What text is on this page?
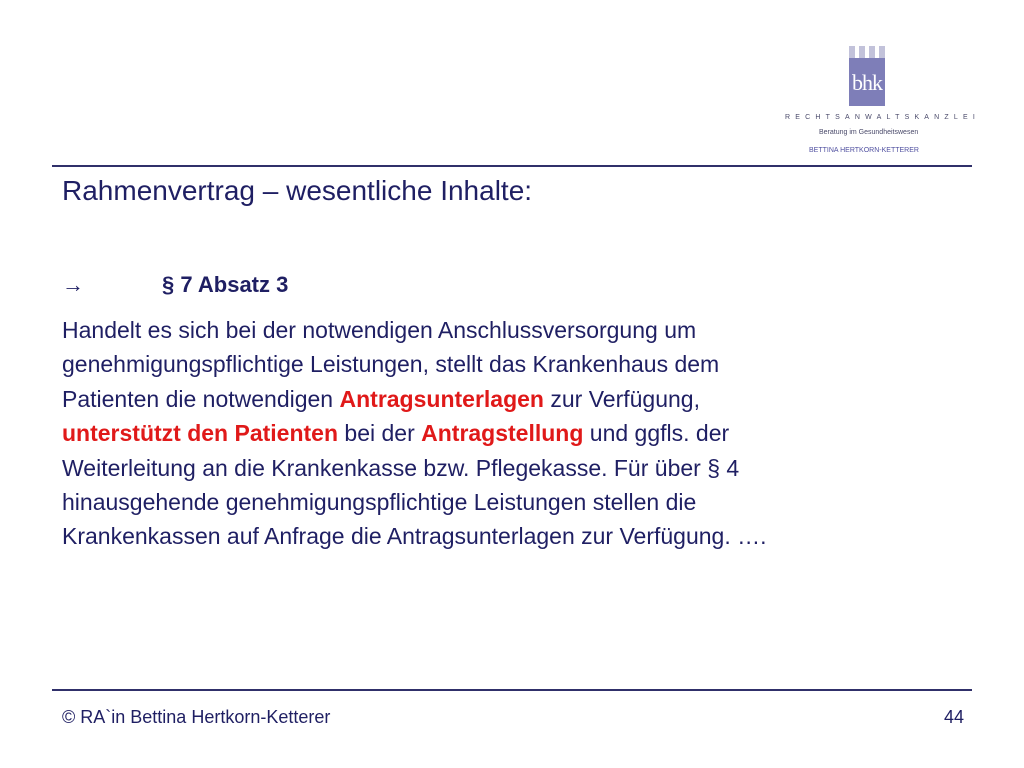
bhk
RECHTSANWALTSKANZLEI
Beratung im Gesundheitswesen
BETTINA HERTKORN-KETTERER
Rahmenvertrag – wesentliche Inhalte:
→	§ 7 Absatz 3

Handelt es sich bei der notwendigen Anschlussversorgung um

genehmigungspflichtige Leistungen, stellt das Krankenhaus dem

Patienten die notwendigen Antragsunterlagen zur Verfügung,

unterstützt den Patienten bei der Antragstellung und ggfls. der

Weiterleitung an die Krankenkasse bzw. Pflegekasse. Für über § 4

hinausgehende genehmigungspflichtige Leistungen stellen die

Krankenkassen auf Anfrage die Antragsunterlagen zur Verfügung. ….

© RA`in Bettina Hertkorn-Ketterer	44
